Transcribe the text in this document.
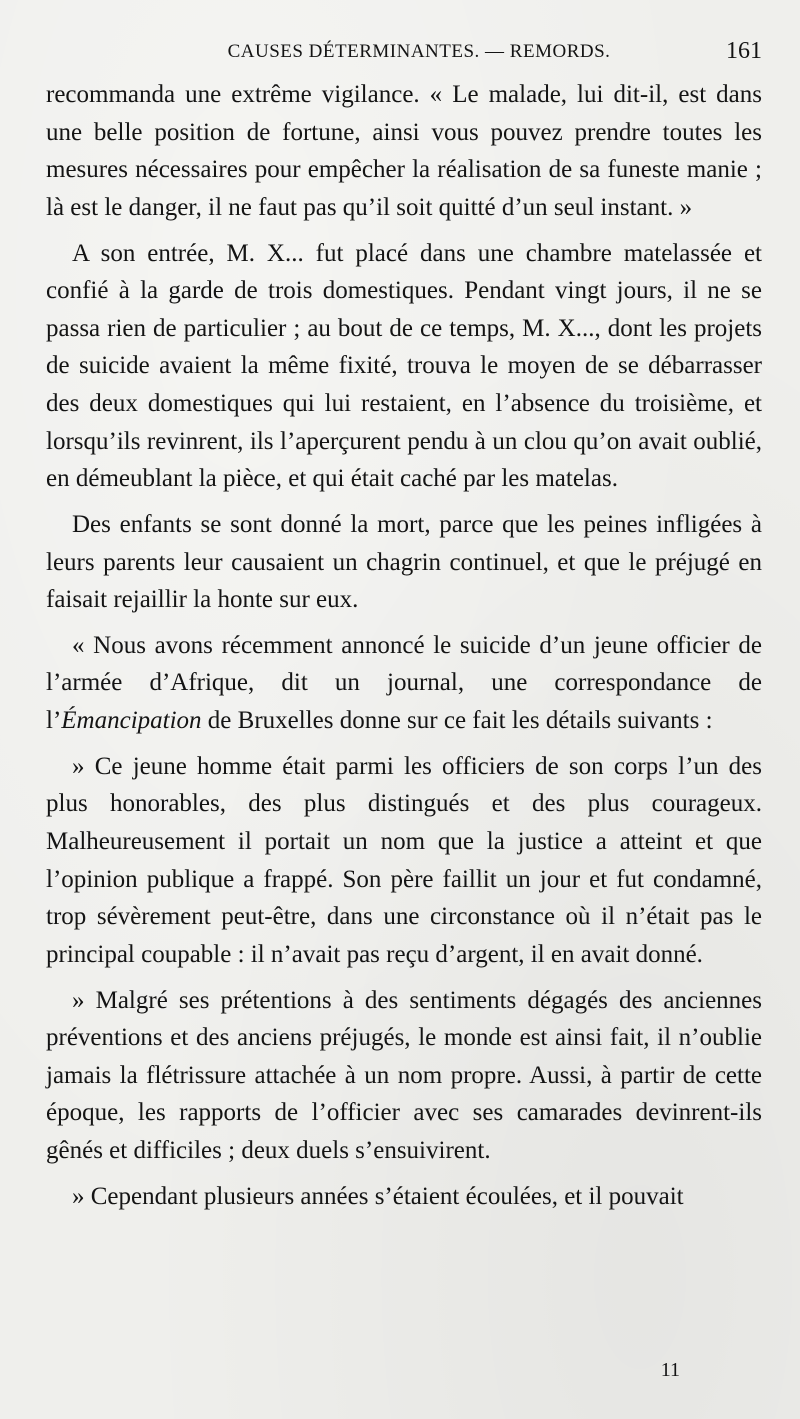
CAUSES DÉTERMINANTES. — REMORDS.	161

recommanda une extrême vigilance. « Le malade, lui dit-il, est dans une belle position de fortune, ainsi vous pouvez prendre toutes les mesures nécessaires pour empêcher la réalisation de sa funeste manie ; là est le danger, il ne faut pas qu’il soit quitté d’un seul instant. »

A son entrée, M. X... fut placé dans une chambre matelassée et confié à la garde de trois domestiques. Pendant vingt jours, il ne se passa rien de particulier ; au bout de ce temps, M. X..., dont les projets de suicide avaient la même fixité, trouva le moyen de se débarrasser des deux domestiques qui lui restaient, en l’absence du troisième, et lorsqu’ils revinrent, ils l’aperçurent pendu à un clou qu’on avait oublié, en démeublant la pièce, et qui était caché par les matelas.

Des enfants se sont donné la mort, parce que les peines infligées à leurs parents leur causaient un chagrin continuel, et que le préjugé en faisait rejaillir la honte sur eux.

« Nous avons récemment annoncé le suicide d’un jeune officier de l’armée d’Afrique, dit un journal, une correspondance de l’Émancipation de Bruxelles donne sur ce fait les détails suivants :

» Ce jeune homme était parmi les officiers de son corps l’un des plus honorables, des plus distingués et des plus courageux. Malheureusement il portait un nom que la justice a atteint et que l’opinion publique a frappé. Son père faillit un jour et fut condamné, trop sévèrement peut-être, dans une circonstance où il n’était pas le principal coupable : il n’avait pas reçu d’argent, il en avait donné.

» Malgré ses prétentions à des sentiments dégagés des anciennes préventions et des anciens préjugés, le monde est ainsi fait, il n’oublie jamais la flétrissure attachée à un nom propre. Aussi, à partir de cette époque, les rapports de l’officier avec ses camarades devinrent-ils gênés et difficiles ; deux duels s’ensuivirent.

» Cependant plusieurs années s’étaient écoulées, et il pouvait

11
